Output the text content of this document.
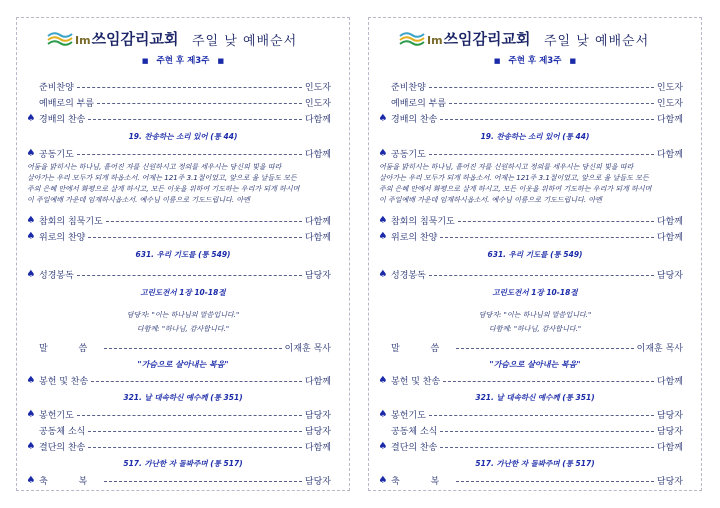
Im쓰임감리교회 주일 낮 예배순서
■ 주현 후 제3주 ■
준비찬양	인도자
예배로의 부름	인도자
♠ 경배의 찬송	다함께
19. 찬송하는 소리 있어 (통 44)
♠ 공동기도	다함께
어둠을 밝히시는 하나님, 흩어진 자를 신원하시고 정의를 세우시는 당신의 빛을 따라
살아가는 우리 모두가 되게 하옵소서. 어제는 121주 3.1절이었고, 앞으로 올 날들도 모든
주의 은혜 안에서 화평으로 살게 하시고, 모든 이웃을 위하여 기도하는 우리가 되게 하시며
이 주일예배 가운데 임재하시옵소서. 예수님 이름으로 기도드립니다. 아멘
♠ 참회의 침묵기도	다함께
♠ 위로의 찬양	다함께
631. 우리 기도를 (통 549)
♠ 성경봉독	담당자
고린도전서 1장 10-18절
담당자: "이는 하나님의 말씀입니다."
다함께: "하나님, 감사합니다."
말 씀	이재훈 목사
"가슴으로 살아내는 복음"
♠ 봉헌 및 찬송	다함께
321. 날 대속하신 예수께 (통 351)
♠ 봉헌기도	담당자
공동체 소식	담당자
♠ 결단의 찬송	다함께
517. 가난한 자 돌봐주며 (통 517)
♠ 축 복	담당자
Im쓰임감리교회 주일 낮 예배순서
■ 주현 후 제3주 ■
준비찬양	인도자
예배로의 부름	인도자
♠ 경배의 찬송	다함께
19. 찬송하는 소리 있어 (통 44)
♠ 공동기도	다함께
어둠을 밝히시는 하나님, 흩어진 자를 신원하시고 정의를 세우시는 당신의 빛을 따라
살아가는 우리 모두가 되게 하옵소서. 어제는 121주 3.1절이었고, 앞으로 올 날들도 모든
주의 은혜 안에서 화평으로 살게 하시고, 모든 이웃을 위하여 기도하는 우리가 되게 하시며
이 주일예배 가운데 임재하시옵소서. 예수님 이름으로 기도드립니다. 아멘
♠ 참회의 침묵기도	다함께
♠ 위로의 찬양	다함께
631. 우리 기도를 (통 549)
♠ 성경봉독	담당자
고린도전서 1장 10-18절
담당자: "이는 하나님의 말씀입니다."
다함께: "하나님, 감사합니다."
말 씀	이재훈 목사
"가슴으로 살아내는 복음"
♠ 봉헌 및 찬송	다함께
321. 날 대속하신 예수께 (통 351)
♠ 봉헌기도	담당자
공동체 소식	담당자
♠ 결단의 찬송	다함께
517. 가난한 자 돌봐주며 (통 517)
♠ 축 복	담당자
